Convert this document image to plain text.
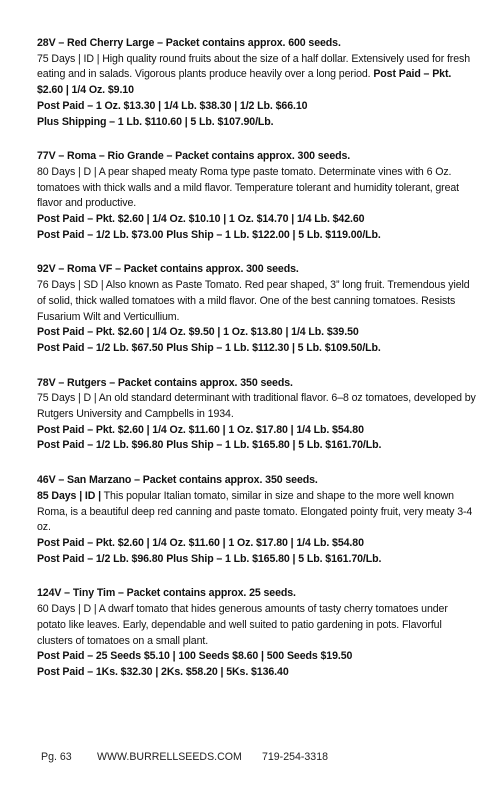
28V – Red Cherry Large – Packet contains approx. 600 seeds.

75 Days | ID | High quality round fruits about the size of a half dollar. Extensively used for fresh eating and in salads. Vigorous plants produce heavily over a long period. Post Paid – Pkt. $2.60 | 1/4 Oz. $9.10

Post Paid – 1 Oz. $13.30 | 1/4 Lb. $38.30 | 1/2 Lb. $66.10

Plus Shipping – 1 Lb. $110.60 | 5 Lb. $107.90/Lb.

77V – Roma – Rio Grande – Packet contains approx. 300 seeds.

80 Days | D | A pear shaped meaty Roma type paste tomato. Determinate vines with 6 Oz. tomatoes with thick walls and a mild flavor. Temperature tolerant and humidity tolerant, great flavor and productive.

Post Paid – Pkt. $2.60 | 1/4 Oz. $10.10 | 1 Oz. $14.70 | 1/4 Lb. $42.60

Post Paid – 1/2 Lb. $73.00 Plus Ship – 1 Lb. $122.00 | 5 Lb. $119.00/Lb.

92V – Roma VF – Packet contains approx. 300 seeds.

76 Days | SD | Also known as Paste Tomato. Red pear shaped, 3” long fruit. Tremendous yield of solid, thick walled tomatoes with a mild flavor. One of the best canning tomatoes. Resists Fusarium Wilt and Verticullium.

Post Paid – Pkt. $2.60 | 1/4 Oz. $9.50 | 1 Oz. $13.80 | 1/4 Lb. $39.50

Post Paid – 1/2 Lb. $67.50 Plus Ship – 1 Lb. $112.30 | 5 Lb. $109.50/Lb.

78V – Rutgers – Packet contains approx. 350 seeds.

75 Days | D | An old standard determinant with traditional flavor. 6–8 oz tomatoes, developed by Rutgers University and Campbells in 1934.

Post Paid – Pkt. $2.60 | 1/4 Oz. $11.60 | 1 Oz. $17.80 | 1/4 Lb. $54.80

Post Paid – 1/2 Lb. $96.80 Plus Ship – 1 Lb. $165.80 | 5 Lb. $161.70/Lb.

46V – San Marzano – Packet contains approx. 350 seeds.

85 Days | ID | This popular Italian tomato, similar in size and shape to the more well known Roma, is a beautiful deep red canning and paste tomato. Elongated pointy fruit, very meaty 3-4 oz.

Post Paid – Pkt. $2.60 | 1/4 Oz. $11.60 | 1 Oz. $17.80 | 1/4 Lb. $54.80

Post Paid – 1/2 Lb. $96.80 Plus Ship – 1 Lb. $165.80 | 5 Lb. $161.70/Lb.

124V – Tiny Tim – Packet contains approx. 25 seeds.

60 Days | D | A dwarf tomato that hides generous amounts of tasty cherry tomatoes under potato like leaves. Early, dependable and well suited to patio gardening in pots. Flavorful clusters of tomatoes on a small plant.

Post Paid – 25 Seeds $5.10 | 100 Seeds $8.60 | 500 Seeds $19.50

Post Paid – 1Ks. $32.30 | 2Ks. $58.20 | 5Ks. $136.40

Pg. 63 WWW.BURRELLSEEDS.COM 719-254-3318
